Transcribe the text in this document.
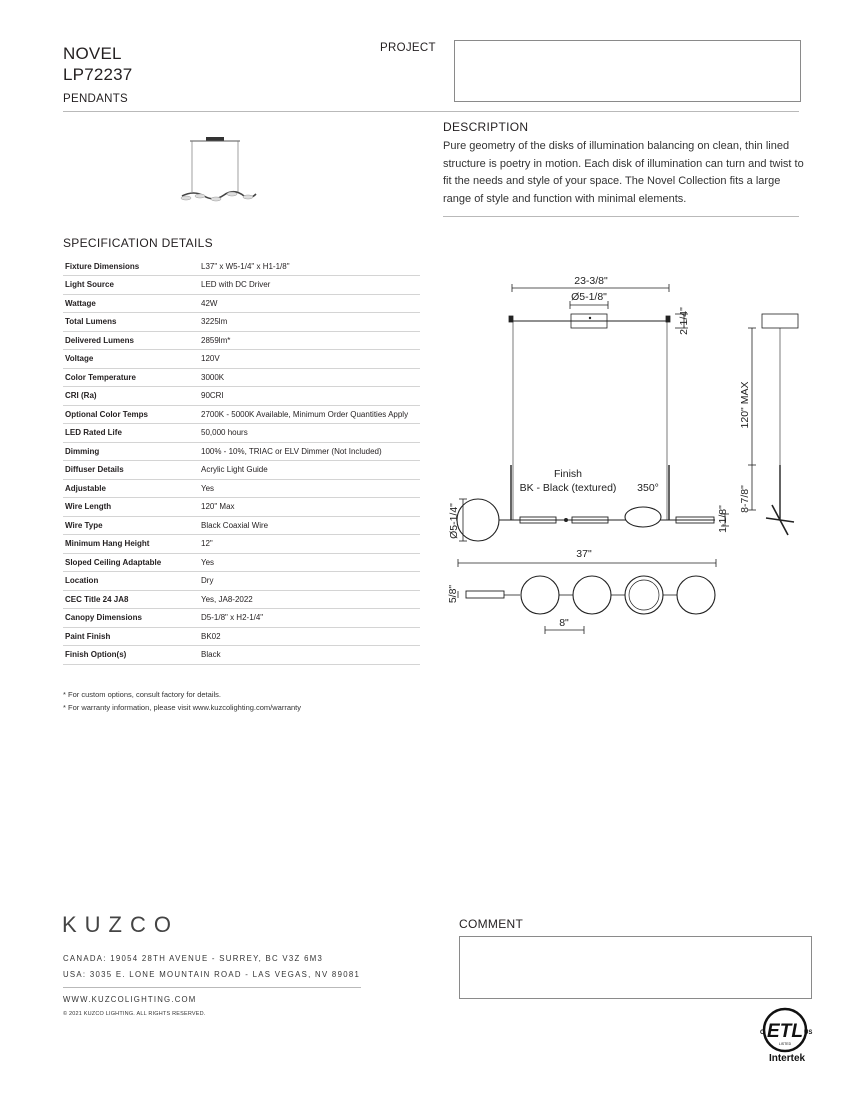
NOVEL
LP72237
PENDANTS
PROJECT
DESCRIPTION
Pure geometry of the disks of illumination balancing on clean, thin lined structure is poetry in motion. Each disk of illumination can turn and twist to fit the needs and style of your space. The Novel Collection fits a large range of style and function with minimal elements.
SPECIFICATION DETAILS
Fixture Dimensions	L37" x W5-1/4" x H1-1/8"
Light Source	LED with DC Driver
Wattage	42W
Total Lumens	3225lm
Delivered Lumens	2859lm*
Voltage	120V
Color Temperature	3000K
CRI (Ra)	90CRI
Optional Color Temps	2700K - 5000K Available, Minimum Order Quantities Apply
LED Rated Life	50,000 hours
Dimming	100% - 10%, TRIAC or ELV Dimmer (Not Included)
Diffuser Details	Acrylic Light Guide
Adjustable	Yes
Wire Length	120" Max
Wire Type	Black Coaxial Wire
Minimum Hang Height	12"
Sloped Ceiling Adaptable	Yes
Location	Dry
CEC Title 24 JA8	Yes, JA8-2022
Canopy Dimensions	D5-1/8" x H2-1/4"
Paint Finish	BK02
Finish Option(s)	Black
* For custom options, consult factory for details.
* For warranty information, please visit www.kuzcolighting.com/warranty
23-3/8"
Ø5-1/8"
2-1/4"
120" MAX
Finish
BK - Black (textured) 350°
Ø5-1/4"	1-1/8"
8-7/8"
37"
5/8"
8"
KUZCO
CANADA: 19054 28TH AVENUE - SURREY, BC V3Z 6M3
USA: 3035 E. LONE MOUNTAIN ROAD - LAS VEGAS, NV 89081
WWW.KUZCOLIGHTING.COM
© 2021 KUZCO LIGHTING. ALL RIGHTS RESERVED.
COMMENT
ETL
LISTED
C	US
Intertek
